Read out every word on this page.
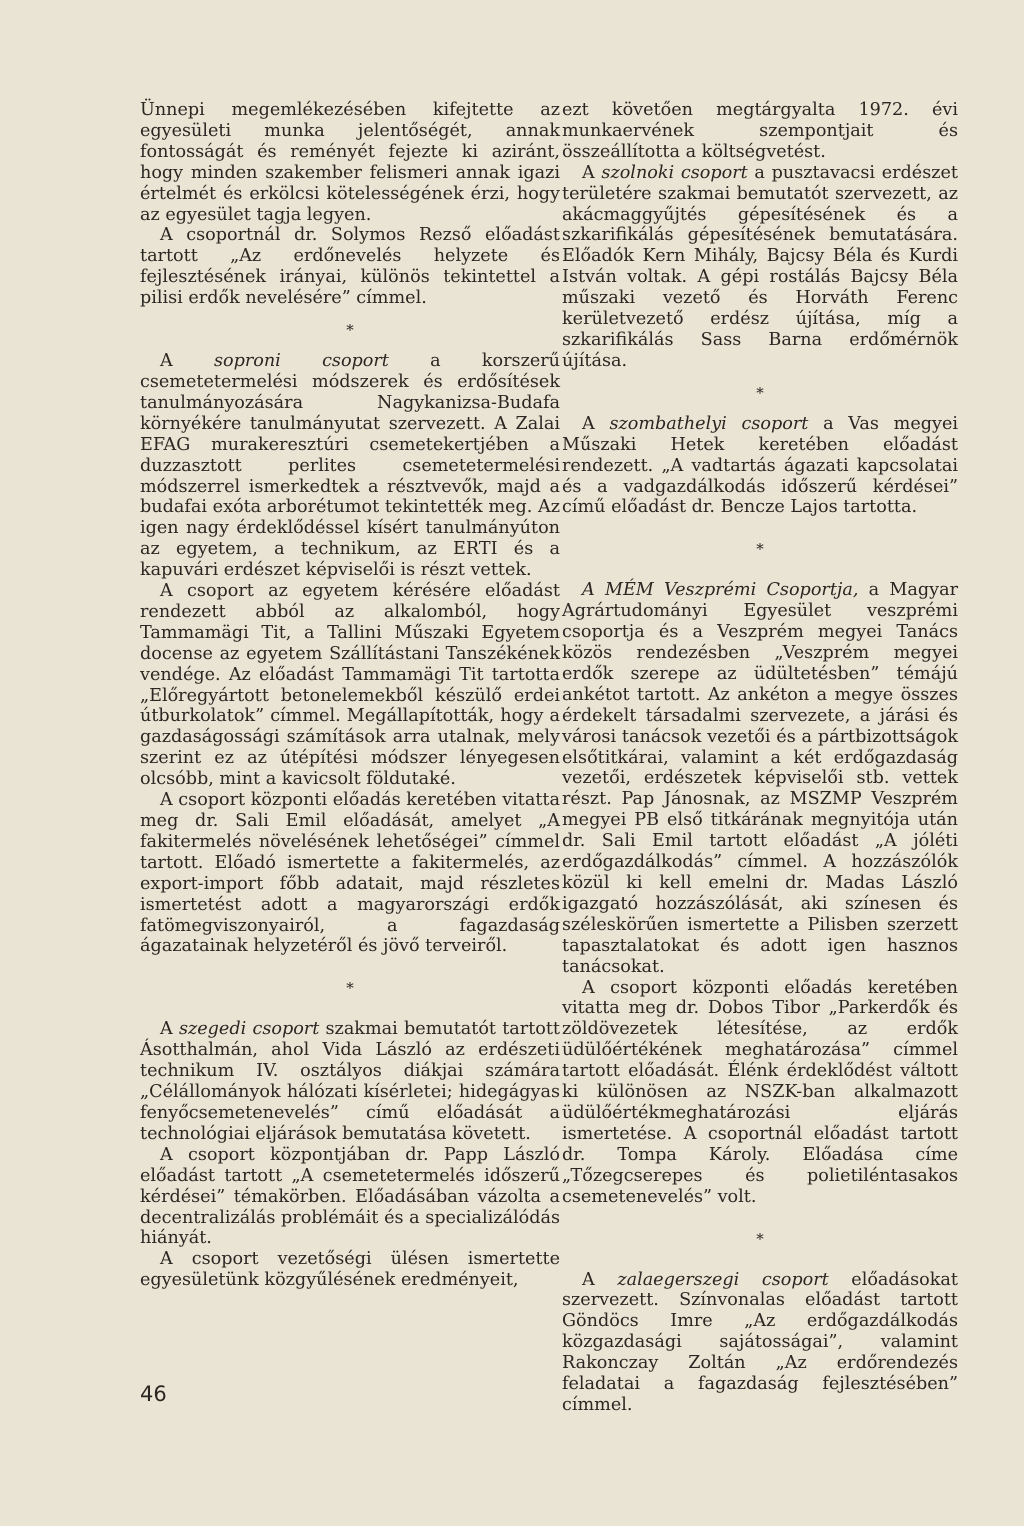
Ünnepi megemlékezésében kifejtette az egyesületi munka jelentőségét, annak fontosságát és reményét fejezte ki aziránt, hogy minden szakember felismeri annak igazi értelmét és erkölcsi kötelességének érzi, hogy az egyesület tagja legyen.

A csoportnál dr. Solymos Rezső előadást tartott „Az erdőnevelés helyzete és fejlesztésének irányai, különös tekintettel a pilisi erdők nevelésére” címmel.

*

A soproni csoport a korszerű csemetetermelési módszerek és erdősítések tanulmányozására Nagykanizsa-Budafa környékére tanulmányutat szervezett. A Zalai EFAG murakeresztúri csemetekertjében a duzzasztott perlites csemetetermelési módszerrel ismerkedtek a résztvevők, majd a budafai exóta arborétumot tekintették meg. Az igen nagy érdeklődéssel kísért tanulmányúton az egyetem, a technikum, az ERTI és a kapuvári erdészet képviselői is részt vettek.

A csoport az egyetem kérésére előadást rendezett abból az alkalomból, hogy Tammamägi Tit, a Tallini Műszaki Egyetem docense az egyetem Szállítástani Tanszékének vendége. Az előadást Tammamägi Tit tartotta „Előregyártott betonelemekből készülő erdei útburkolatok” címmel. Megállapították, hogy a gazdaságossági számítások arra utalnak, mely szerint ez az útépítési módszer lényegesen olcsóbb, mint a kavicsolt földutaké.

A csoport központi előadás keretében vitatta meg dr. Sali Emil előadását, amelyet „A fakitermelés növelésének lehetőségei” címmel tartott. Előadó ismertette a fakitermelés, az export-import főbb adatait, majd részletes ismertetést adott a magyarországi erdők fatömegviszonyairól, a fagazdaság ágazatainak helyzetéről és jövő terveiről.

*

A szegedi csoport szakmai bemutatót tartott Ásotthalmán, ahol Vida László az erdészeti technikum IV. osztályos diákjai számára „Célállományok hálózati kísérletei; hidegágyas fenyőcsemetenevelés” című előadását a technológiai eljárások bemutatása követett.

A csoport központjában dr. Papp László előadást tartott „A csemetetermelés időszerű kérdései” témakörben. Előadásában vázolta a decentralizálás problémáit és a specializálódás hiányát.

A csoport vezetőségi ülésen ismertette egyesületünk közgyűlésének eredményeit,

ezt követően megtárgyalta 1972. évi munkaervének szempontjait és összeállította a költségvetést.

A szolnoki csoport a pusztavacsi erdészet területére szakmai bemutatót szervezett, az akácmaggyűjtés gépesítésének és a szkarifikálás gépesítésének bemutatására. Előadók Kern Mihály, Bajcsy Béla és Kurdi István voltak. A gépi rostálás Bajcsy Béla műszaki vezető és Horváth Ferenc kerületvezető erdész újítása, míg a szkarifikálás Sass Barna erdőmérnök újítása.

*

A szombathelyi csoport a Vas megyei Műszaki Hetek keretében előadást rendezett. „A vadtartás ágazati kapcsolatai és a vadgazdálkodás időszerű kérdései” című előadást dr. Bencze Lajos tartotta.

*

A MÉM Veszprémi Csoportja, a Magyar Agrártudományi Egyesület veszprémi csoportja és a Veszprém megyei Tanács közös rendezésben „Veszprém megyei erdők szerepe az üdültetésben” témájú ankétot tartott. Az ankéton a megye összes érdekelt társadalmi szervezete, a járási és városi tanácsok vezetői és a pártbizottságok elsőtitkárai, valamint a két erdőgazdaság vezetői, erdészetek képviselői stb. vettek részt. Pap Jánosnak, az MSZMP Veszprém megyei PB első titkárának megnyitója után dr. Sali Emil tartott előadást „A jóléti erdőgazdálkodás” címmel. A hozzászólók közül ki kell emelni dr. Madas László igazgató hozzászólását, aki színesen és széleskörűen ismertette a Pilisben szerzett tapasztalatokat és adott igen hasznos tanácsokat.

A csoport központi előadás keretében vitatta meg dr. Dobos Tibor „Parkerdők és zöldövezetek létesítése, az erdők üdülőértékének meghatározása” címmel tartott előadását. Élénk érdeklődést váltott ki különösen az NSZK-ban alkalmazott üdülőértékmeghatározási eljárás ismertetése. A csoportnál előadást tartott dr. Tompa Károly. Előadása címe „Tőzegcserepes és polietiléntasakos csemetenevelés” volt.

*

A zalaegerszegi csoport előadásokat szervezett. Színvonalas előadást tartott Göndöcs Imre „Az erdőgazdálkodás közgazdasági sajátosságai”, valamint Rakonczay Zoltán „Az erdőrendezés feladatai a fagazdaság fejlesztésében” címmel.

46
